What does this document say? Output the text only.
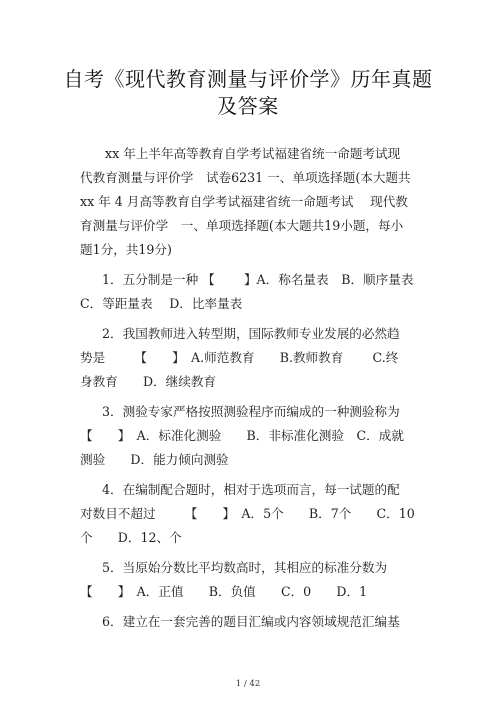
自考《现代教育测量与评价学》历年真题
及答案
xx 年上半年高等教育自学考试福建省统一命题考试现
代教育测量与评价学　试卷6231 一、单项选择题(本大题共
xx 年 4 月高等教育自学考试福建省统一命题考试　 现代教
育测量与评价学　一、单项选择题(本大题共19小题，每小
题1分，共19分)
1．五分制是一种 【　　 】A．称名量表　B．顺序量表
C．等距量表　 D．比率量表
2．我国教师进入转型期，国际教师专业发展的必然趋
势是　　 【　　】　A.师范教育　　B.教师教育　　 C.终
身教育　　D．继续教育
3．测验专家严格按照测验程序而编成的一种测验称为
【　　】　A．标准化测验　　B．非标准化测验　C．成就
测验　　D．能力倾向测验
4．在编制配合题时，相对于选项而言，每一试题的配
对数目不超过　　 【　　】　A．5个　　B．7个　　C．10
个　　D．12、个
5．当原始分数比平均数高时，其相应的标准分数为
【　　】　A．正值　　B．负值　　C．0　　D．1
6．建立在一套完善的题目汇编或内容领域规范汇编基
1 / 42
